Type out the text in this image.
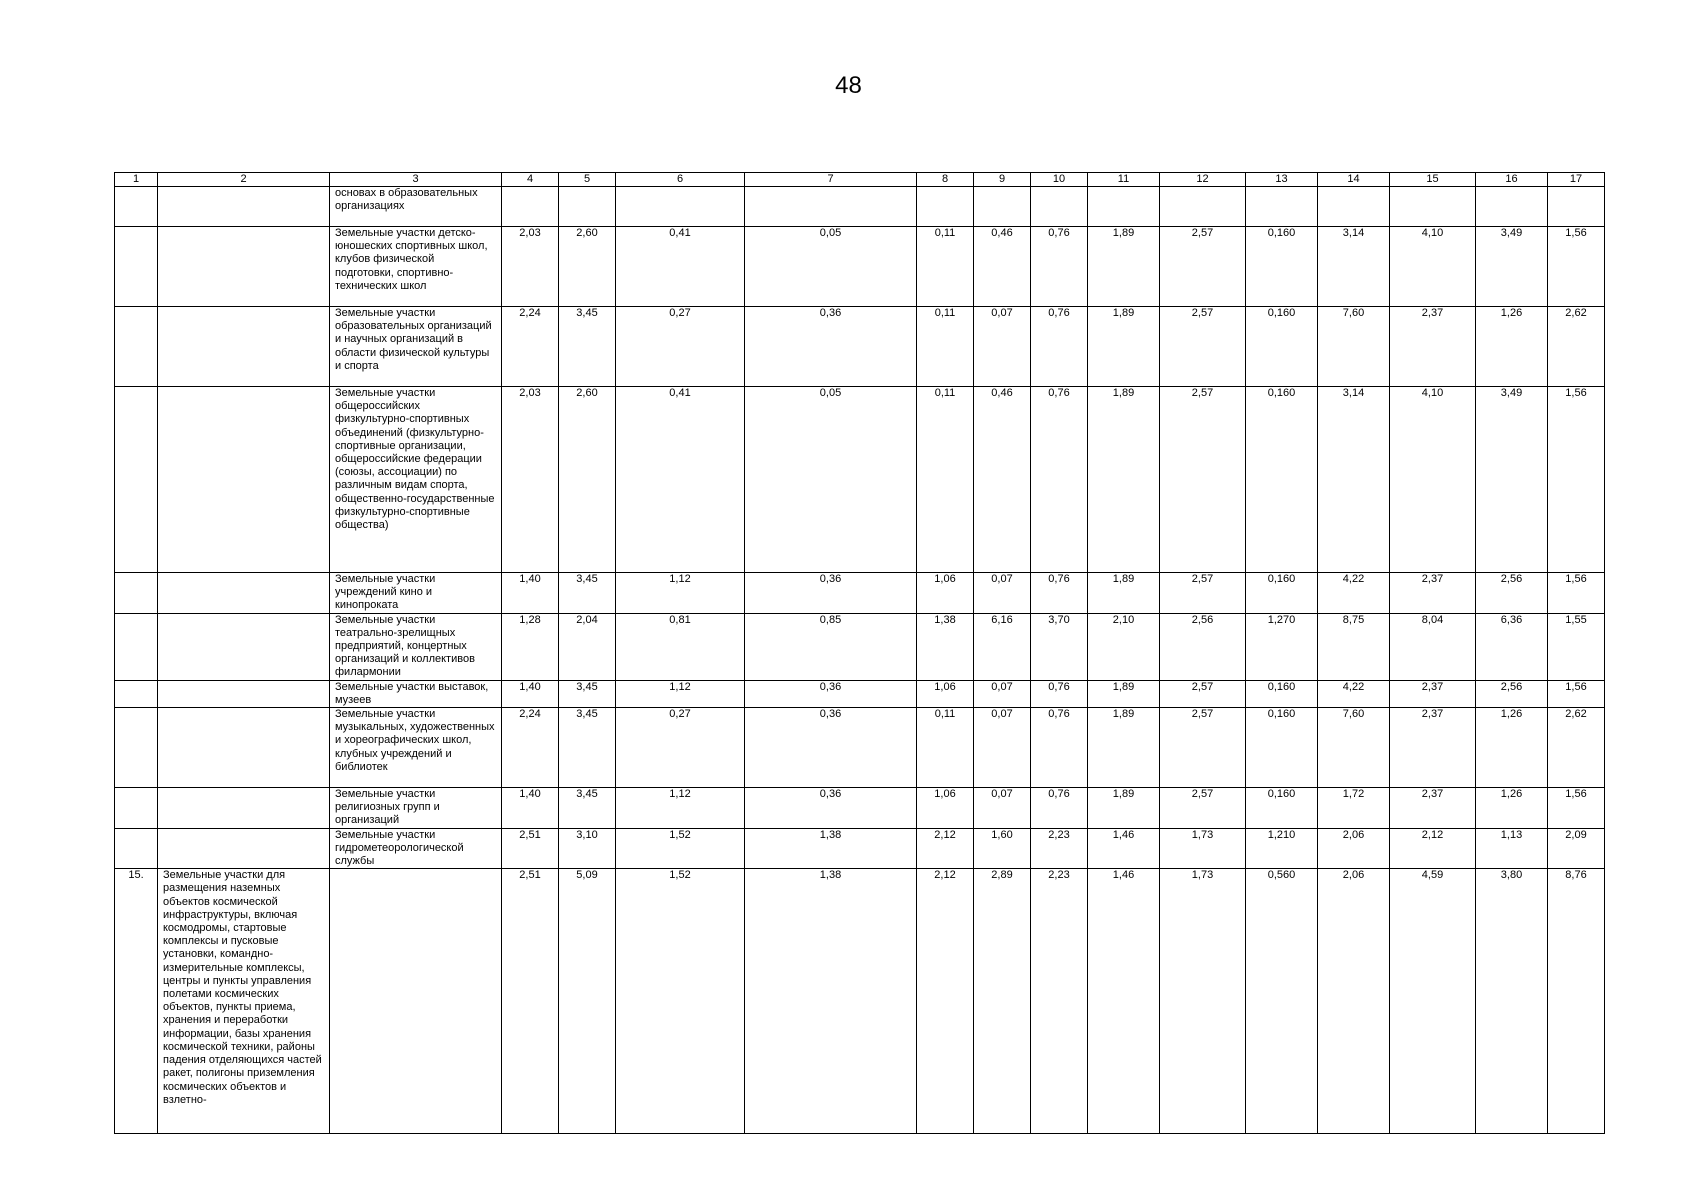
48
1	2	3	4	5	6	7	8	9	10	11	12	13	14	15	16	17
		основах в образовательных организациях														
		Земельные участки детско-юношеских спортивных школ, клубов физической подготовки, спортивно-технических школ	2,03	2,60	0,41	0,05	0,11	0,46	0,76	1,89	2,57	0,160	3,14	4,10	3,49	1,56
		Земельные участки образовательных организаций и научных организаций в области физической культуры и спорта	2,24	3,45	0,27	0,36	0,11	0,07	0,76	1,89	2,57	0,160	7,60	2,37	1,26	2,62
		Земельные участки общероссийских физкультурно-спортивных объединений (физкультурно-спортивные организации, общероссийские федерации (союзы, ассоциации) по различным видам спорта, общественно-государственные физкультурно-спортивные общества)	2,03	2,60	0,41	0,05	0,11	0,46	0,76	1,89	2,57	0,160	3,14	4,10	3,49	1,56
		Земельные участки учреждений кино и кинопроката	1,40	3,45	1,12	0,36	1,06	0,07	0,76	1,89	2,57	0,160	4,22	2,37	2,56	1,56
		Земельные участки театрально-зрелищных предприятий, концертных организаций и коллективов филармонии	1,28	2,04	0,81	0,85	1,38	6,16	3,70	2,10	2,56	1,270	8,75	8,04	6,36	1,55
		Земельные участки выставок, музеев	1,40	3,45	1,12	0,36	1,06	0,07	0,76	1,89	2,57	0,160	4,22	2,37	2,56	1,56
		Земельные участки музыкальных, художественных и хореографических школ, клубных учреждений и библиотек	2,24	3,45	0,27	0,36	0,11	0,07	0,76	1,89	2,57	0,160	7,60	2,37	1,26	2,62
		Земельные участки религиозных групп и организаций	1,40	3,45	1,12	0,36	1,06	0,07	0,76	1,89	2,57	0,160	1,72	2,37	1,26	1,56
		Земельные участки гидрометеорологической службы	2,51	3,10	1,52	1,38	2,12	1,60	2,23	1,46	1,73	1,210	2,06	2,12	1,13	2,09
15.	Земельные участки для размещения наземных объектов космической инфраструктуры, включая космодромы, стартовые комплексы и пусковые установки, командно-измерительные комплексы, центры и пункты управления полетами космических объектов, пункты приема, хранения и переработки информации, базы хранения космической техники, районы падения отделяющихся частей ракет, полигоны приземления космических объектов и взлетно-		2,51	5,09	1,52	1,38	2,12	2,89	2,23	1,46	1,73	0,560	2,06	4,59	3,80	8,76
